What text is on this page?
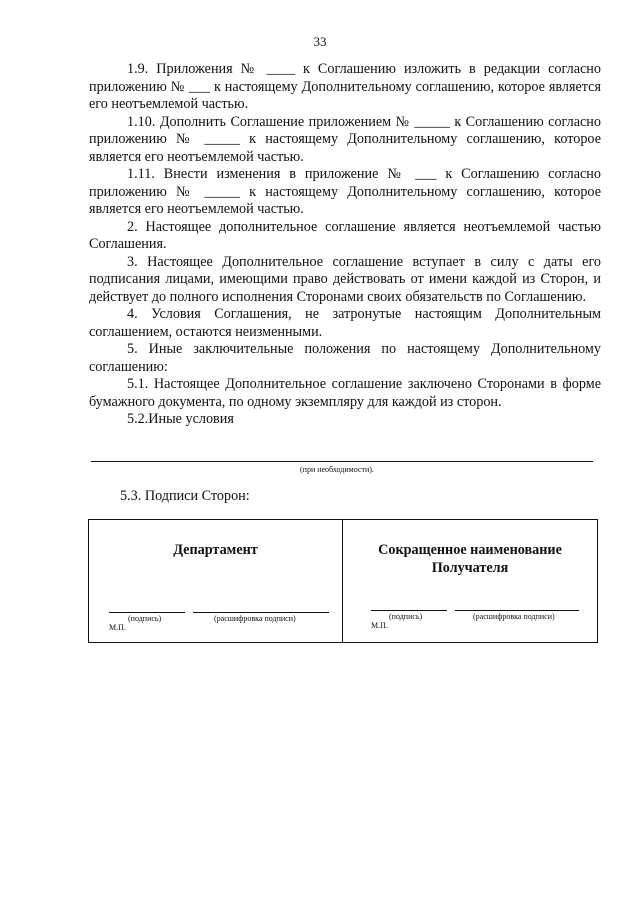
33

1.9. Приложения № ____ к Соглашению изложить в редакции согласно приложению № ___ к настоящему Дополнительному соглашению, которое является его неотъемлемой частью.

1.10. Дополнить Соглашение приложением № _____ к Соглашению согласно приложению № _____ к настоящему Дополнительному соглашению, которое является его неотъемлемой частью.

1.11. Внести изменения в приложение № ___ к Соглашению согласно приложению № _____ к настоящему Дополнительному соглашению, которое является его неотъемлемой частью.

2. Настоящее дополнительное соглашение является неотъемлемой частью Соглашения.

3. Настоящее Дополнительное соглашение вступает в силу с даты его подписания лицами, имеющими право действовать от имени каждой из Сторон, и действует до полного исполнения Сторонами своих обязательств по Соглашению.

4. Условия Соглашения, не затронутые настоящим Дополнительным соглашением, остаются неизменными.

5. Иные заключительные положения по настоящему Дополнительному соглашению:

5.1. Настоящее Дополнительное соглашение заключено Сторонами в форме бумажного документа, по одному экземпляру для каждой из сторон.

5.2.Иные условия

(при необходимости).
5.3. Подписи Сторон:
Департамент
(подпись)	(расшифровка подписи)
М.П.
Сокращенное наименование Получателя
(подпись)	(расшифровка подписи)
М.П.
